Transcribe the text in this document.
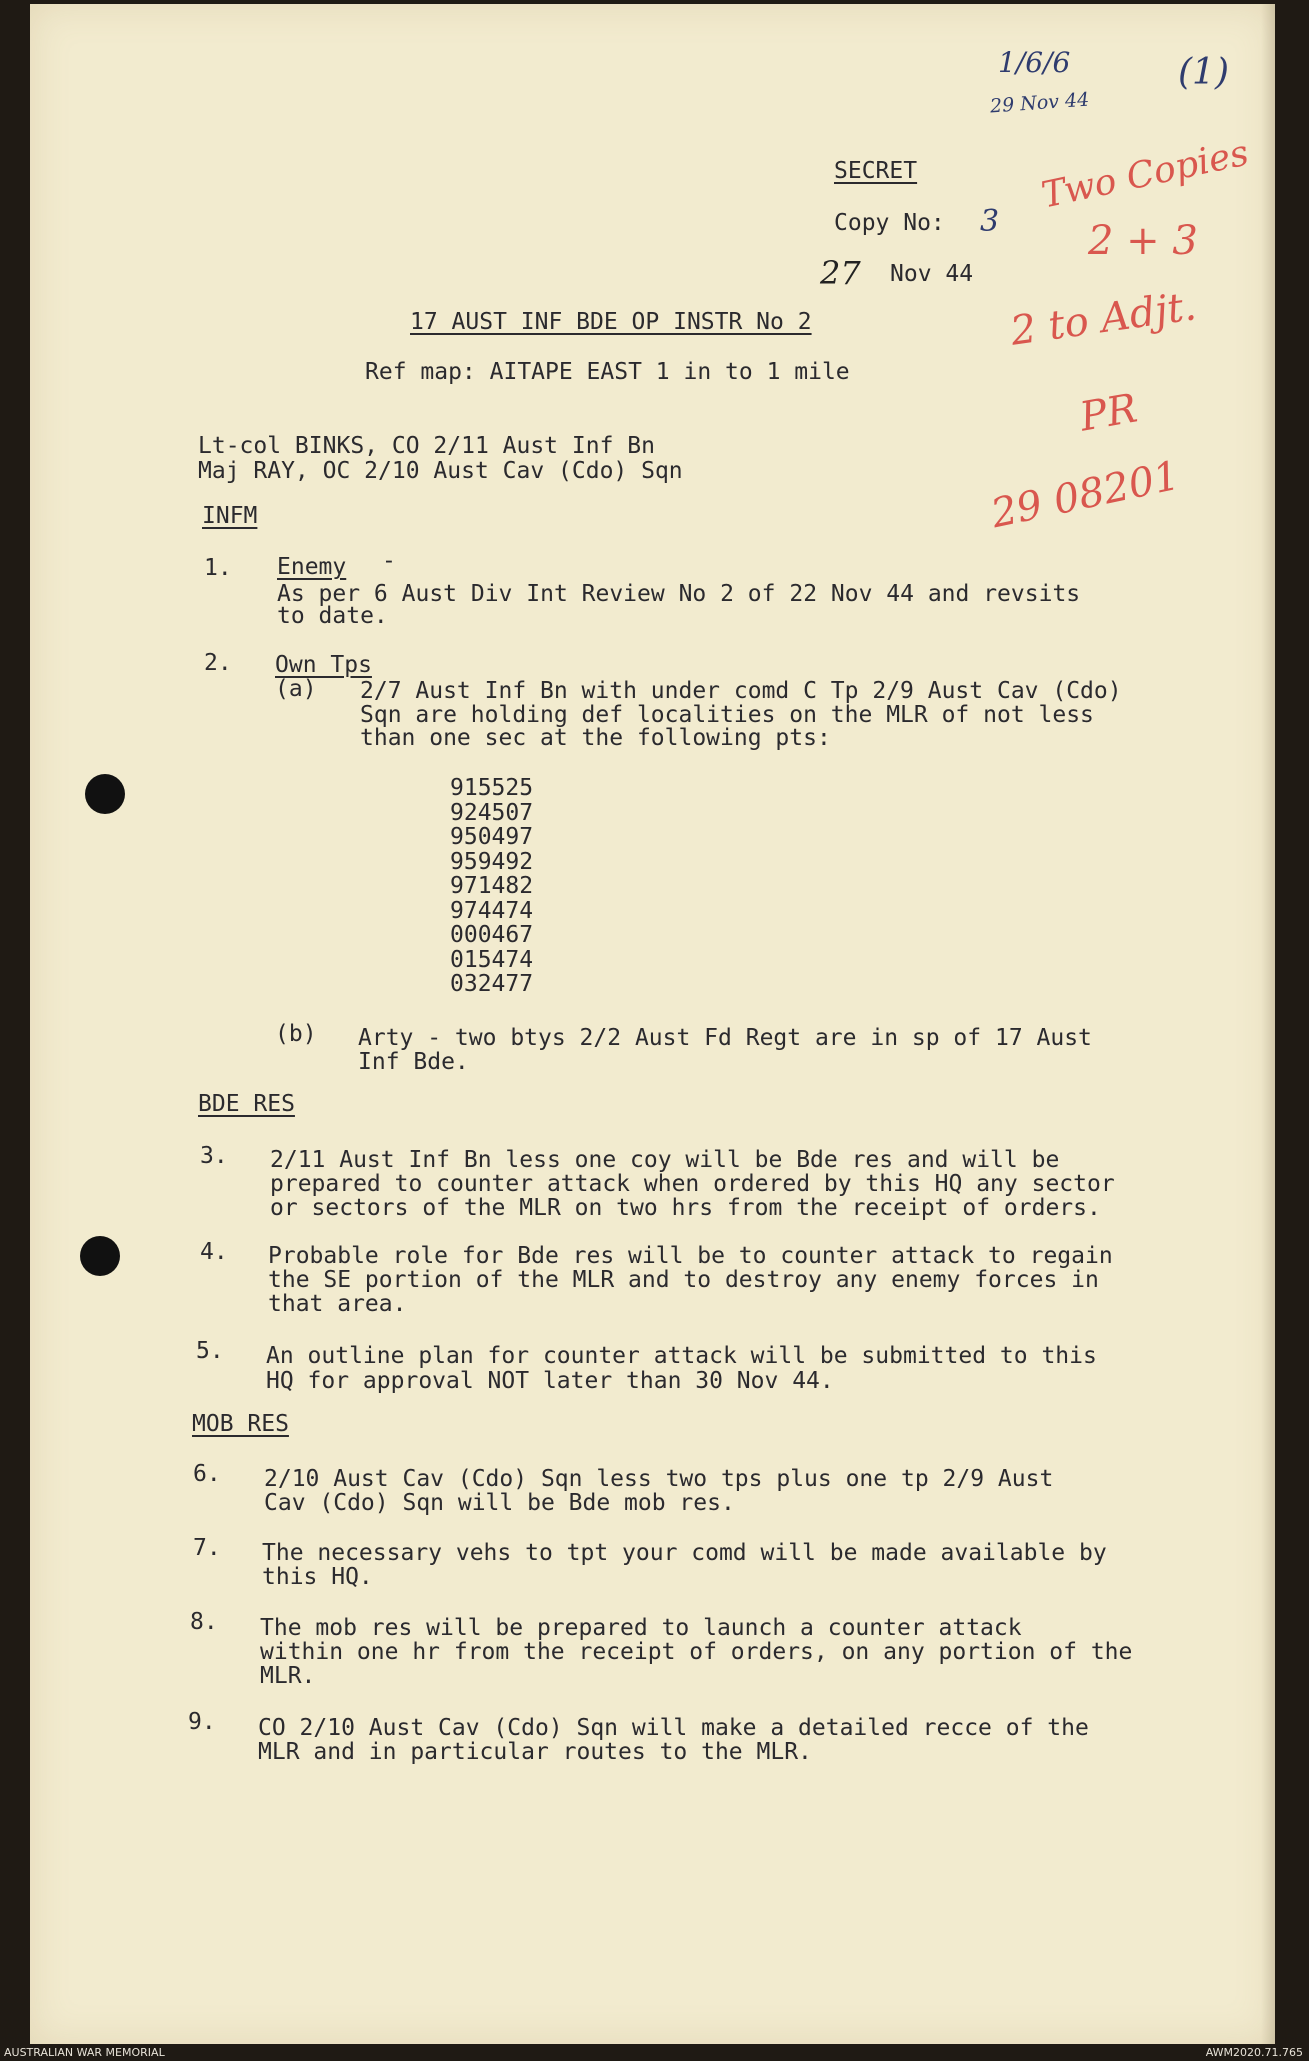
1/6/6
29 Nov 44
(1)
Two Copies
2 + 3
2 to Adjt.
PR
29 08201
SECRET
Copy No: 3
27 Nov 44
17 AUST INF BDE OP INSTR No 2
Ref map: AITAPE EAST 1 in to 1 mile
Lt-col BINKS, CO 2/11 Aust Inf Bn
Maj RAY, OC 2/10 Aust Cav (Cdo) Sqn
INFM
1. Enemy -
As per 6 Aust Div Int Review No 2 of 22 Nov 44 and revsits
to date.
2. Own Tps
(a) 2/7 Aust Inf Bn with under comd C Tp 2/9 Aust Cav (Cdo)
Sqn are holding def localities on the MLR of not less
than one sec at the following pts:
915525
924507
950497
959492
971482
974474
000467
015474
032477
(b) Arty - two btys 2/2 Aust Fd Regt are in sp of 17 Aust
Inf Bde.
BDE RES
3. 2/11 Aust Inf Bn less one coy will be Bde res and will be
prepared to counter attack when ordered by this HQ any sector
or sectors of the MLR on two hrs from the receipt of orders.
4. Probable role for Bde res will be to counter attack to regain
the SE portion of the MLR and to destroy any enemy forces in
that area.
5. An outline plan for counter attack will be submitted to this
HQ for approval NOT later than 30 Nov 44.
MOB RES
6. 2/10 Aust Cav (Cdo) Sqn less two tps plus one tp 2/9 Aust
Cav (Cdo) Sqn will be Bde mob res.
7. The necessary vehs to tpt your comd will be made available by
this HQ.
8. The mob res will be prepared to launch a counter attack
within one hr from the receipt of orders, on any portion of the
MLR.
9. CO 2/10 Aust Cav (Cdo) Sqn will make a detailed recce of the
MLR and in particular routes to the MLR.
AUSTRALIAN WAR MEMORIAL	AWM2020.71.765
